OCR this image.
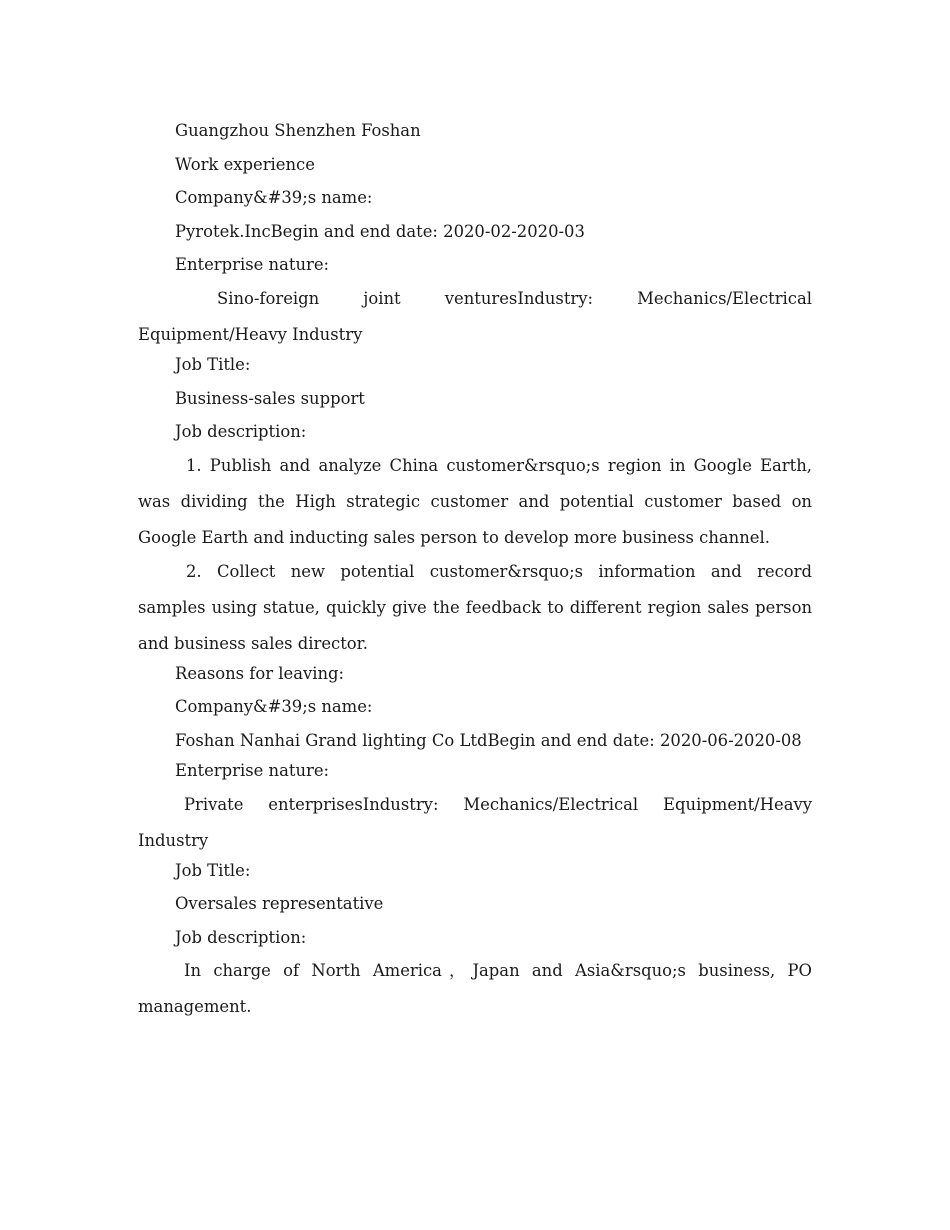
Guangzhou Shenzhen Foshan

Work experience

Company&#39;s name:

Pyrotek.IncBegin and end date: 2020-02-2020-03

Enterprise nature:

Sino-foreign joint venturesIndustry: Mechanics/Electrical Equipment/Heavy Industry

Job Title:

Business-sales support

Job description:

1. Publish and analyze China customer&rsquo;s region in Google Earth, was dividing the High strategic customer and potential customer based on Google Earth and inducting sales person to develop more business channel.

2. Collect new potential customer&rsquo;s information and record samples using statue, quickly give the feedback to different region sales person and business sales director.

Reasons for leaving:

Company&#39;s name:

Foshan Nanhai Grand lighting Co LtdBegin and end date: 2020-06-2020-08

Enterprise nature:

Private enterprisesIndustry: Mechanics/Electrical Equipment/Heavy Industry

Job Title:

Oversales representative

Job description:

In charge of North America，Japan and Asia&rsquo;s business, PO management.
